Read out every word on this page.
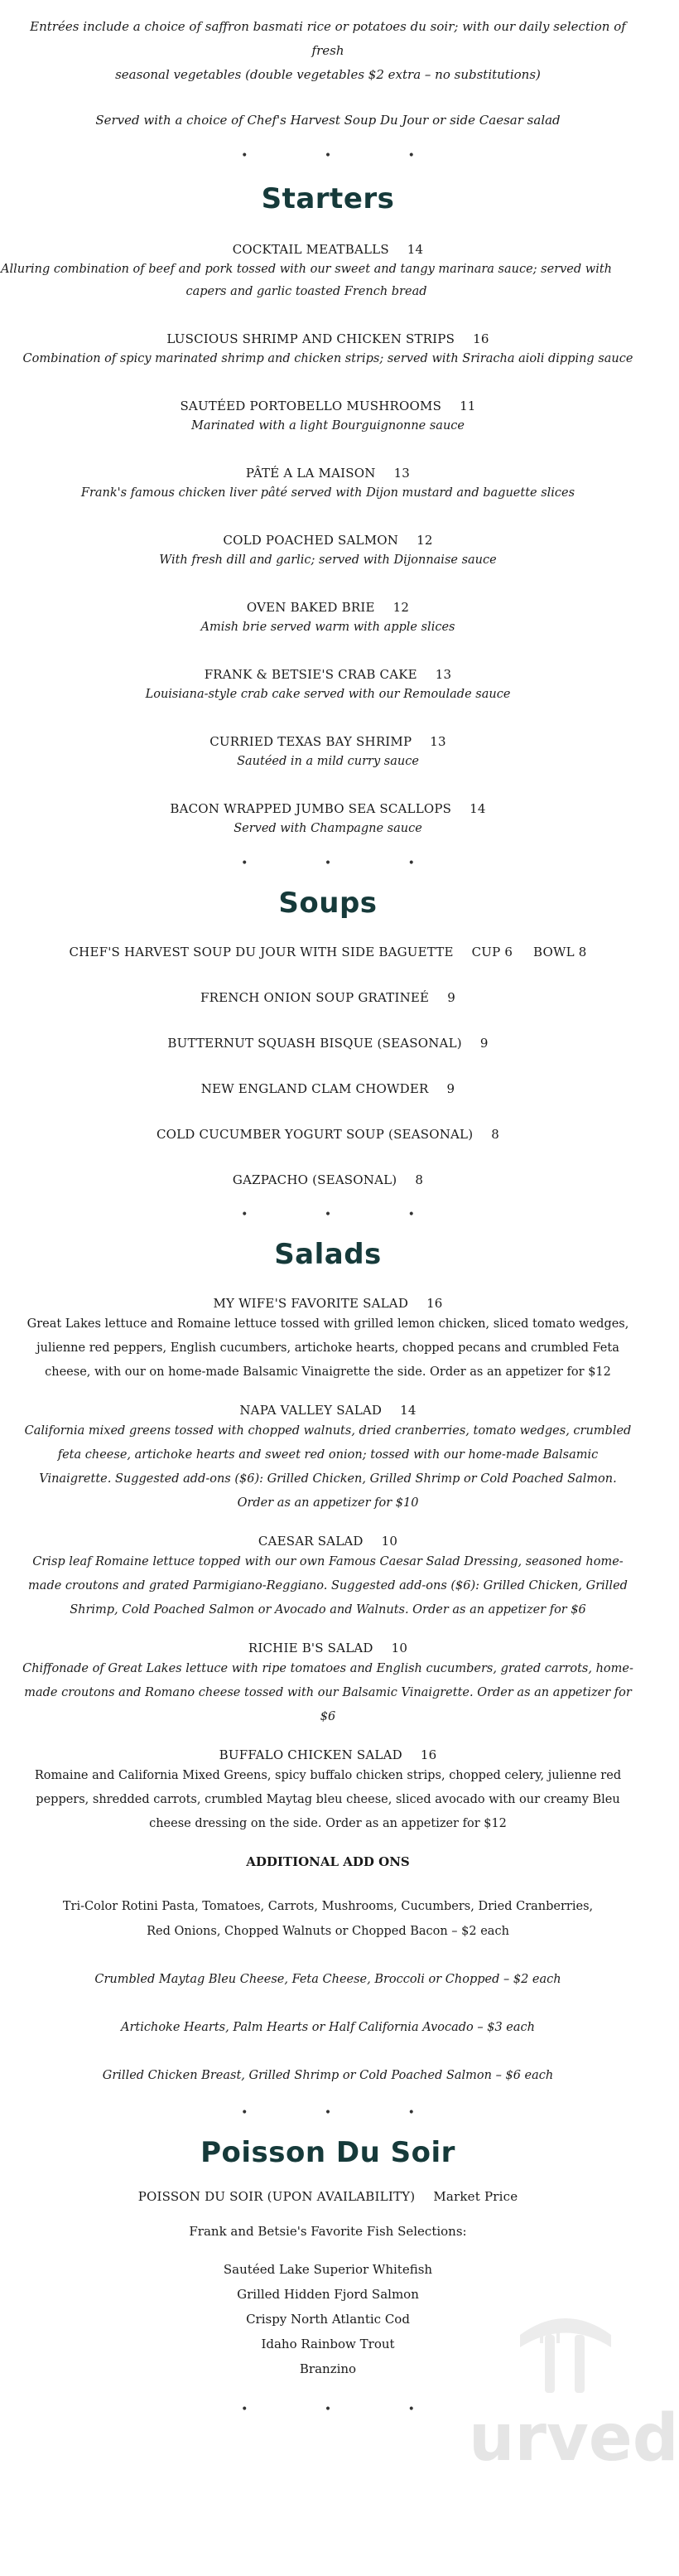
Entrées include a choice of saffron basmati rice or potatoes du soir; with our daily selection of fresh

seasonal vegetables (double vegetables $2 extra – no substitutions)

Served with a choice of Chef's Harvest Soup Du Jour or side Caesar salad
• • •
Starters
COCKTAIL MEATBALLS 14
Alluring combination of beef and pork tossed with our sweet and tangy marinara sauce; served with capers and garlic toasted French bread
LUSCIOUS SHRIMP AND CHICKEN STRIPS 16
Combination of spicy marinated shrimp and chicken strips; served with Sriracha aioli dipping sauce
SAUTÉED PORTOBELLO MUSHROOMS 11
Marinated with a light Bourguignonne sauce
PÂTÉ A LA MAISON 13
Frank's famous chicken liver pâté served with Dijon mustard and baguette slices
COLD POACHED SALMON 12
With fresh dill and garlic; served with Dijonnaise sauce
OVEN BAKED BRIE 12
Amish brie served warm with apple slices
FRANK & BETSIE'S CRAB CAKE 13
Louisiana-style crab cake served with our Remoulade sauce
CURRIED TEXAS BAY SHRIMP 13
Sautéed in a mild curry sauce
BACON WRAPPED JUMBO SEA SCALLOPS 14
Served with Champagne sauce
• • •
Soups
CHEF'S HARVEST SOUP DU JOUR WITH SIDE BAGUETTE CUP 6     BOWL 8
FRENCH ONION SOUP GRATINEÉ 9
BUTTERNUT SQUASH BISQUE (SEASONAL) 9
NEW ENGLAND CLAM CHOWDER 9
COLD CUCUMBER YOGURT SOUP (SEASONAL) 8
GAZPACHO (SEASONAL) 8
• • •
Salads
MY WIFE'S FAVORITE SALAD 16
Great Lakes lettuce and Romaine lettuce tossed with grilled lemon chicken, sliced tomato wedges, julienne red peppers, English cucumbers, artichoke hearts, chopped pecans and crumbled Feta cheese, with our on home-made Balsamic Vinaigrette the side. Order as an appetizer for $12
NAPA VALLEY SALAD 14
California mixed greens tossed with chopped walnuts, dried cranberries, tomato wedges, crumbled feta cheese, artichoke hearts and sweet red onion; tossed with our home-made Balsamic Vinaigrette. Suggested add-ons ($6): Grilled Chicken, Grilled Shrimp or Cold Poached Salmon. Order as an appetizer for $10
CAESAR SALAD 10
Crisp leaf Romaine lettuce topped with our own Famous Caesar Salad Dressing, seasoned home-made croutons and grated Parmigiano-Reggiano. Suggested add-ons ($6): Grilled Chicken, Grilled Shrimp, Cold Poached Salmon or Avocado and Walnuts. Order as an appetizer for $6
RICHIE B'S SALAD 10
Chiffonade of Great Lakes lettuce with ripe tomatoes and English cucumbers, grated carrots, home-made croutons and Romano cheese tossed with our Balsamic Vinaigrette. Order as an appetizer for $6
BUFFALO CHICKEN SALAD 16
Romaine and California Mixed Greens, spicy buffalo chicken strips, chopped celery, julienne red peppers, shredded carrots, crumbled Maytag bleu cheese, sliced avocado with our creamy Bleu cheese dressing on the side. Order as an appetizer for $12
ADDITIONAL ADD ONS
Tri-Color Rotini Pasta, Tomatoes, Carrots, Mushrooms, Cucumbers, Dried Cranberries, Red Onions, Chopped Walnuts or Chopped Bacon – $2 each
Crumbled Maytag Bleu Cheese, Feta Cheese, Broccoli or Chopped – $2 each
Artichoke Hearts, Palm Hearts or Half California Avocado – $3 each
Grilled Chicken Breast, Grilled Shrimp or Cold Poached Salmon – $6 each
• • •
Poisson Du Soir
POISSON DU SOIR (UPON AVAILABILITY) Market Price
Frank and Betsie's Favorite Fish Selections:
Sautéed Lake Superior Whitefish
Grilled Hidden Fjord Salmon
Crispy North Atlantic Cod
Idaho Rainbow Trout
Branzino
• • • urved
